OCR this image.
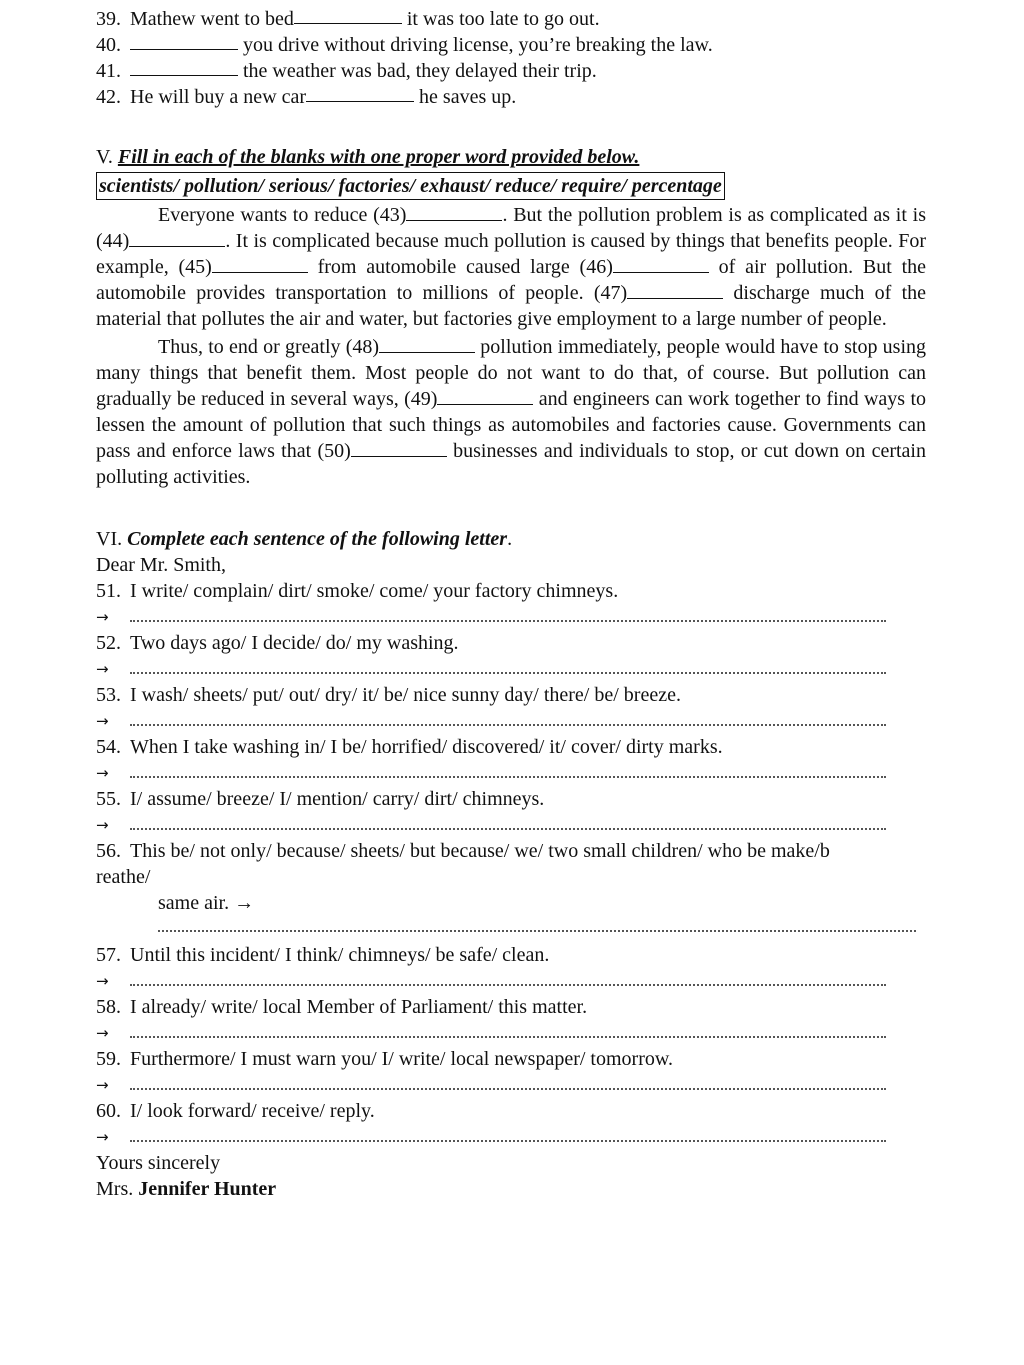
39. Mathew went to bed
	it was too late to go out.
40.
	you drive without driving license, you’re breaking the law.
41.
	the weather was bad, they delayed their trip.
42. He will buy a new car
	he saves up.
V. Fill in each of the blanks with one proper word provided below.
scientists/ pollution/ serious/ factories/ exhaust/ reduce/ require/ percentage
Everyone wants to reduce (43)	. But the pollution problem is as complicated as it is (44)	. It is complicated because much pollution is caused by things that benefits people. For example, (45)	from automobile caused large (46)	of air pollution. But the automobile provides transportation to millions of people. (47)	discharge much of the material that pollutes the air and water, but factories give employment to a large number of people.
Thus, to end or greatly (48)	pollution immediately, people would have to stop using many things that benefit them. Most people do not want to do that, of course. But pollution can gradually be reduced in several ways, (49)	and engineers can work together to find ways to lessen the amount of pollution that such things as automobiles and factories cause. Governments can pass and enforce laws that (50)	businesses and individuals to stop, or cut down on certain polluting activities.
VI. Complete each sentence of the following letter.
Dear Mr. Smith,
51. I write/ complain/ dirt/ smoke/ come/ your factory chimneys.
→
52. Two days ago/ I decide/ do/ my washing.
→
53. I wash/ sheets/ put/ out/ dry/ it/ be/ nice sunny day/ there/ be/ breeze.
→
54. When I take washing in/ I be/ horrified/ discovered/ it/ cover/ dirty marks.
→
55. I/ assume/ breeze/ I/ mention/ carry/ dirt/ chimneys.
→
56. This be/ not only/ because/ sheets/ but because/ we/ two small children/ who be make/b
reathe/
same air. →
57. Until this incident/ I think/ chimneys/ be safe/ clean.
→
58. I already/ write/ local Member of Parliament/ this matter.
→
59. Furthermore/ I must warn you/ I/ write/ local newspaper/ tomorrow.
→
60. I/ look forward/ receive/ reply.
→
Yours sincerely
Mrs. Jennifer Hunter
